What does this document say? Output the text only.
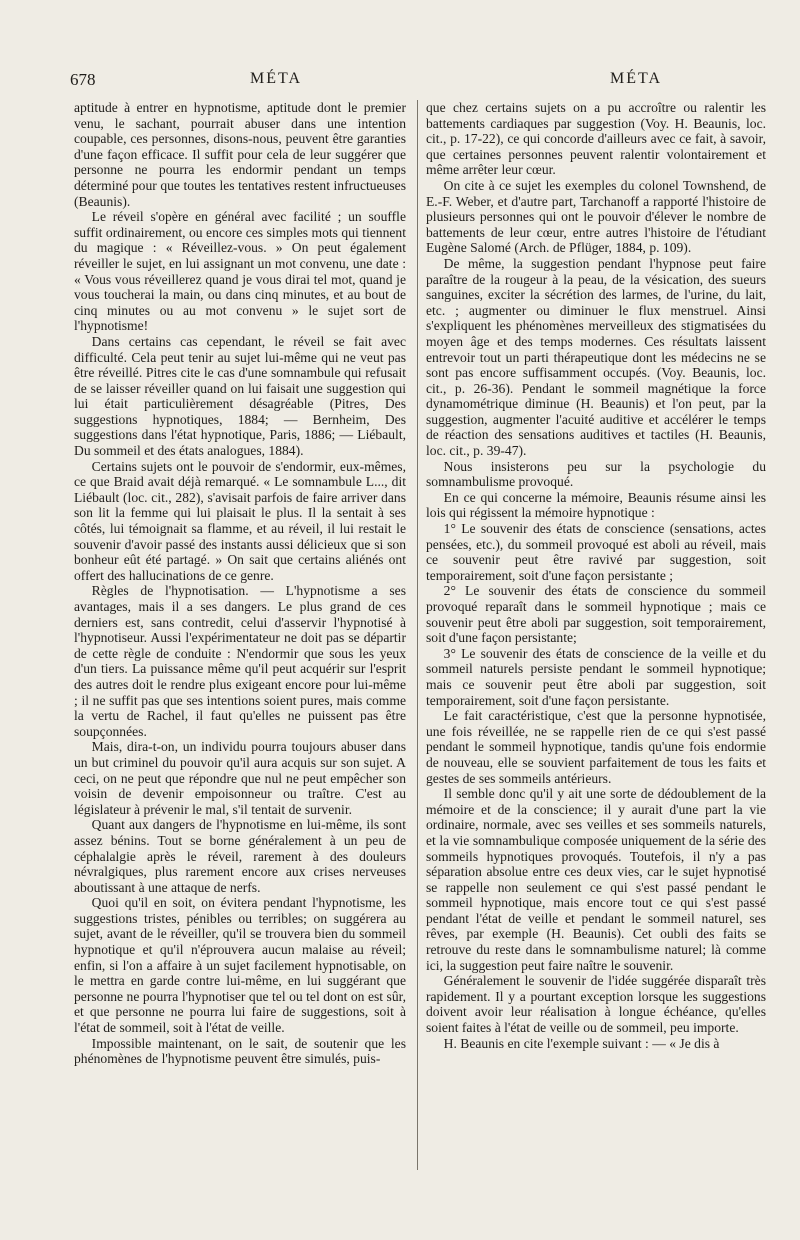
678	MÉTA	MÉTA

aptitude à entrer en hypnotisme, aptitude dont le premier venu, le sachant, pourrait abuser dans une intention coupable, ces personnes, disons-nous, peuvent être garanties d'une façon efficace. Il suffit pour cela de leur suggérer que personne ne pourra les endormir pendant un temps déterminé pour que toutes les tentatives restent infructueuses (Beaunis).

Le réveil s'opère en général avec facilité ; un souffle suffit ordinairement, ou encore ces simples mots qui tiennent du magique : « Réveillez-vous. » On peut également réveiller le sujet, en lui assignant un mot convenu, une date : « Vous vous réveillerez quand je vous dirai tel mot, quand je vous toucherai la main, ou dans cinq minutes, et au bout de cinq minutes ou au mot convenu » le sujet sort de l'hypnotisme!

Dans certains cas cependant, le réveil se fait avec difficulté. Cela peut tenir au sujet lui-même qui ne veut pas être réveillé. Pitres cite le cas d'une somnambule qui refusait de se laisser réveiller quand on lui faisait une suggestion qui lui était particulièrement désagréable (Pitres, Des suggestions hypnotiques, 1884; — Bernheim, Des suggestions dans l'état hypnotique, Paris, 1886; — Liébault, Du sommeil et des états analogues, 1884).

Certains sujets ont le pouvoir de s'endormir, eux-mêmes, ce que Braid avait déjà remarqué. « Le somnambule L..., dit Liébault (loc. cit., 282), s'avisait parfois de faire arriver dans son lit la femme qui lui plaisait le plus. Il la sentait à ses côtés, lui témoignait sa flamme, et au réveil, il lui restait le souvenir d'avoir passé des instants aussi délicieux que si son bonheur eût été partagé. » On sait que certains aliénés ont offert des hallucinations de ce genre.

Règles de l'hypnotisation. — L'hypnotisme a ses avantages, mais il a ses dangers. Le plus grand de ces derniers est, sans contredit, celui d'asservir l'hypnotisé à l'hypnotiseur. Aussi l'expérimentateur ne doit pas se départir de cette règle de conduite : N'endormir que sous les yeux d'un tiers. La puissance même qu'il peut acquérir sur l'esprit des autres doit le rendre plus exigeant encore pour lui-même ; il ne suffit pas que ses intentions soient pures, mais comme la vertu de Rachel, il faut qu'elles ne puissent pas être soupçonnées.

Mais, dira-t-on, un individu pourra toujours abuser dans un but criminel du pouvoir qu'il aura acquis sur son sujet. A ceci, on ne peut que répondre que nul ne peut empêcher son voisin de devenir empoisonneur ou traître. C'est au législateur à prévenir le mal, s'il tentait de survenir.

Quant aux dangers de l'hypnotisme en lui-même, ils sont assez bénins. Tout se borne généralement à un peu de céphalalgie après le réveil, rarement à des douleurs névralgiques, plus rarement encore aux crises nerveuses aboutissant à une attaque de nerfs.

Quoi qu'il en soit, on évitera pendant l'hypnotisme, les suggestions tristes, pénibles ou terribles; on suggérera au sujet, avant de le réveiller, qu'il se trouvera bien du sommeil hypnotique et qu'il n'éprouvera aucun malaise au réveil; enfin, si l'on a affaire à un sujet facilement hypnotisable, on le mettra en garde contre lui-même, en lui suggérant que personne ne pourra l'hypnotiser que tel ou tel dont on est sûr, et que personne ne pourra lui faire de suggestions, soit à l'état de sommeil, soit à l'état de veille.

Impossible maintenant, on le sait, de soutenir que les phénomènes de l'hypnotisme peuvent être simulés, puis-

que chez certains sujets on a pu accroître ou ralentir les battements cardiaques par suggestion (Voy. H. Beaunis, loc. cit., p. 17-22), ce qui concorde d'ailleurs avec ce fait, à savoir, que certaines personnes peuvent ralentir volontairement et même arrêter leur cœur.

On cite à ce sujet les exemples du colonel Townshend, de E.-F. Weber, et d'autre part, Tarchanoff a rapporté l'histoire de plusieurs personnes qui ont le pouvoir d'élever le nombre de battements de leur cœur, entre autres l'histoire de l'étudiant Eugène Salomé (Arch. de Pflüger, 1884, p. 109).

De même, la suggestion pendant l'hypnose peut faire paraître de la rougeur à la peau, de la vésication, des sueurs sanguines, exciter la sécrétion des larmes, de l'urine, du lait, etc. ; augmenter ou diminuer le flux menstruel. Ainsi s'expliquent les phénomènes merveilleux des stigmatisées du moyen âge et des temps modernes. Ces résultats laissent entrevoir tout un parti thérapeutique dont les médecins ne se sont pas encore suffisamment occupés. (Voy. Beaunis, loc. cit., p. 26-36). Pendant le sommeil magnétique la force dynamométrique diminue (H. Beaunis) et l'on peut, par la suggestion, augmenter l'acuité auditive et accélérer le temps de réaction des sensations auditives et tactiles (H. Beaunis, loc. cit., p. 39-47).

Nous insisterons peu sur la psychologie du somnambulisme provoqué.

En ce qui concerne la mémoire, Beaunis résume ainsi les lois qui régissent la mémoire hypnotique :

1° Le souvenir des états de conscience (sensations, actes pensées, etc.), du sommeil provoqué est aboli au réveil, mais ce souvenir peut être ravivé par suggestion, soit temporairement, soit d'une façon persistante ;

2° Le souvenir des états de conscience du sommeil provoqué reparaît dans le sommeil hypnotique ; mais ce souvenir peut être aboli par suggestion, soit temporairement, soit d'une façon persistante;

3° Le souvenir des états de conscience de la veille et du sommeil naturels persiste pendant le sommeil hypnotique; mais ce souvenir peut être aboli par suggestion, soit temporairement, soit d'une façon persistante.

Le fait caractéristique, c'est que la personne hypnotisée, une fois réveillée, ne se rappelle rien de ce qui s'est passé pendant le sommeil hypnotique, tandis qu'une fois endormie de nouveau, elle se souvient parfaitement de tous les faits et gestes de ses sommeils antérieurs.

Il semble donc qu'il y ait une sorte de dédoublement de la mémoire et de la conscience; il y aurait d'une part la vie ordinaire, normale, avec ses veilles et ses sommeils naturels, et la vie somnambulique composée uniquement de la série des sommeils hypnotiques provoqués. Toutefois, il n'y a pas séparation absolue entre ces deux vies, car le sujet hypnotisé se rappelle non seulement ce qui s'est passé pendant le sommeil hypnotique, mais encore tout ce qui s'est passé pendant l'état de veille et pendant le sommeil naturel, ses rêves, par exemple (H. Beaunis). Cet oubli des faits se retrouve du reste dans le somnambulisme naturel; là comme ici, la suggestion peut faire naître le souvenir.

Généralement le souvenir de l'idée suggérée disparaît très rapidement. Il y a pourtant exception lorsque les suggestions doivent avoir leur réalisation à longue échéance, qu'elles soient faites à l'état de veille ou de sommeil, peu importe.

H. Beaunis en cite l'exemple suivant : — « Je dis à
